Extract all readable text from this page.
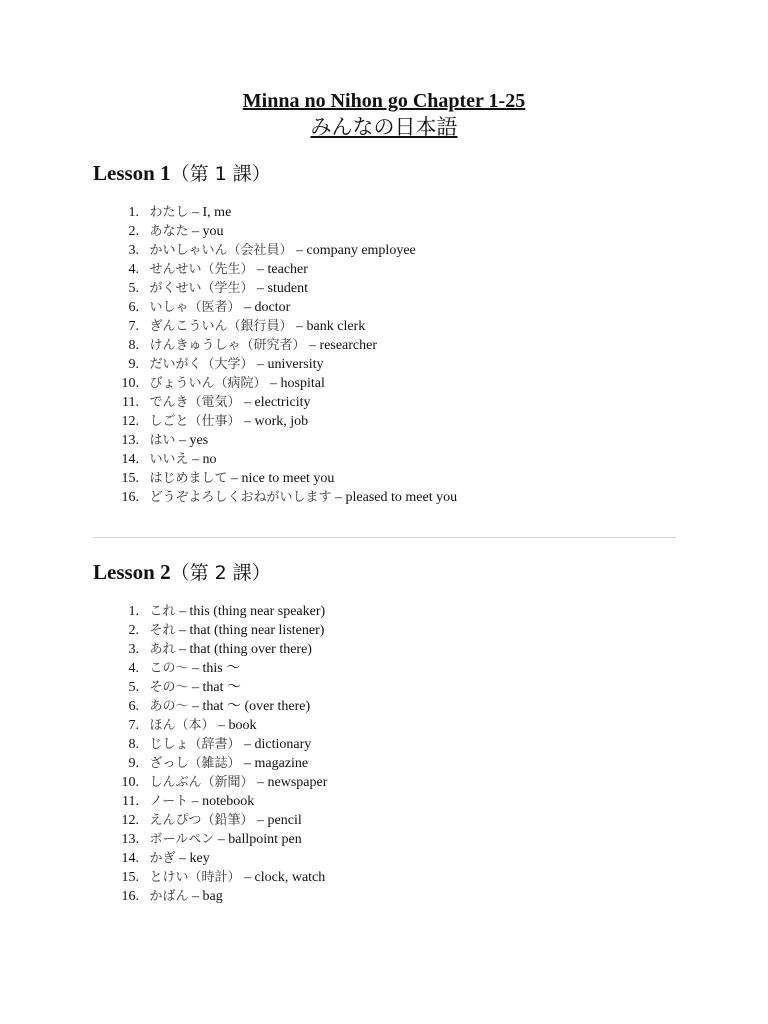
Minna no Nihon go Chapter 1-25
みんなの日本語
Lesson 1（第 1 課）
1. わたし – I, me
2. あなた – you
3. かいしゃいん（会社員） – company employee
4. せんせい（先生） – teacher
5. がくせい（学生） – student
6. いしゃ（医者） – doctor
7. ぎんこういん（銀行員） – bank clerk
8. けんきゅうしゃ（研究者） – researcher
9. だいがく（大学） – university
10. びょういん（病院） – hospital
11. でんき（電気） – electricity
12. しごと（仕事） – work, job
13. はい – yes
14. いいえ – no
15. はじめまして – nice to meet you
16. どうぞよろしくおねがいします – pleased to meet you
Lesson 2（第 2 課）
1. これ – this (thing near speaker)
2. それ – that (thing near listener)
3. あれ – that (thing over there)
4. この〜 – this 〜
5. その〜 – that 〜
6. あの〜 – that 〜 (over there)
7. ほん（本） – book
8. じしょ（辞書） – dictionary
9. ざっし（雑誌） – magazine
10. しんぶん（新聞） – newspaper
11. ノート – notebook
12. えんぴつ（鉛筆） – pencil
13. ボールペン – ballpoint pen
14. かぎ – key
15. とけい（時計） – clock, watch
16. かばん – bag
